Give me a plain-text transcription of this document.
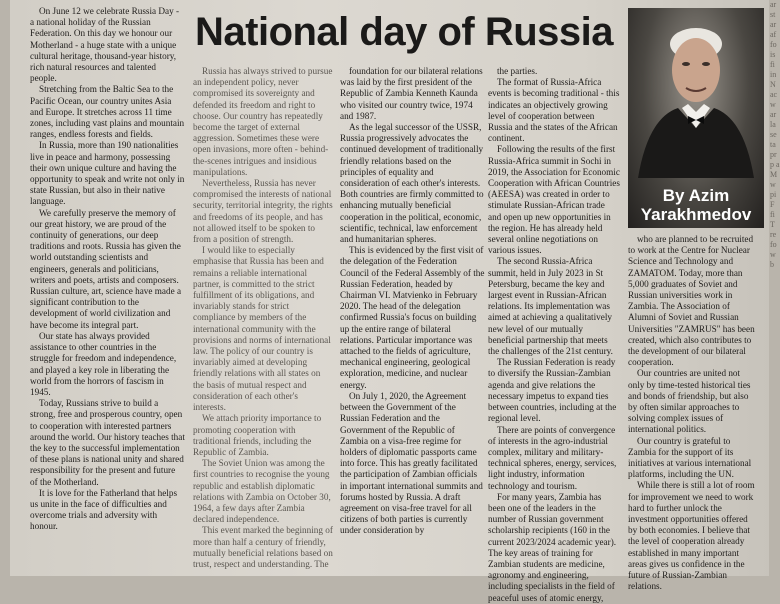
On June 12 we celebrate Russia Day - a national holiday of the Russian Federation. On this day we honour our Motherland - a huge state with a unique cultural heritage, thousand-year history, rich natural resources and talented people.

Stretching from the Baltic Sea to the Pacific Ocean, our country unites Asia and Europe. It stretches across 11 time zones, including vast plains and mountain ranges, endless forests and fields.

In Russia, more than 190 nationalities live in peace and harmony, possessing their own unique culture and having the opportunity to speak and write not only in state Russian, but also in their native language.

We carefully preserve the memory of our great history, we are proud of the continuity of generations, our deep traditions and roots. Russia has given the world outstanding scientists and engineers, generals and politicians, writers and poets, artists and composers. Russian culture, art, science have made a significant contribution to the development of world civilization and have become its integral part.

Our state has always provided assistance to other countries in the struggle for freedom and independence, and played a key role in liberating the world from the horrors of fascism in 1945.

Today, Russians strive to build a strong, free and prosperous country, open to cooperation with interested partners around the world. Our history teaches that the key to the successful implementation of these plans is national unity and shared responsibility for the present and future of the Motherland.

It is love for the Fatherland that helps us unite in the face of difficulties and overcome trials and adversity with honour.

National day of Russia

Russia has always strived to pursue an independent policy, never compromised its sovereignty and defended its freedom and right to choose. Our country has repeatedly become the target of external aggression. Sometimes these were open invasions, more often - behind-the-scenes intrigues and insidious manipulations.

Nevertheless, Russia has never compromised the interests of national security, territorial integrity, the rights and freedoms of its people, and has not allowed itself to be spoken to from a position of strength.

I would like to especially emphasise that Russia has been and remains a reliable international partner, is committed to the strict fulfillment of its obligations, and invariably stands for strict compliance by members of the international community with the provisions and norms of international law. The policy of our country is invariably aimed at developing friendly relations with all states on the basis of mutual respect and consideration of each other's interests.

We attach priority importance to promoting cooperation with traditional friends, including the Republic of Zambia.

The Soviet Union was among the first countries to recognise the young republic and establish diplomatic relations with Zambia on October 30, 1964, a few days after Zambia declared independence.

This event marked the beginning of more than half a century of friendly, mutually beneficial relations based on trust, respect and understanding. The

foundation for our bilateral relations was laid by the first president of the Republic of Zambia Kenneth Kaunda who visited our country twice, 1974 and 1987.

As the legal successor of the USSR, Russia progressively advocates the continued development of traditionally friendly relations based on the principles of equality and consideration of each other's interests. Both countries are firmly committed to enhancing mutually beneficial cooperation in the political, economic, scientific, technical, law enforcement and humanitarian spheres.

This is evidenced by the first visit of the delegation of the Federation Council of the Federal Assembly of the Russian Federation, headed by Chairman VI. Matvienko in February 2020. The head of the delegation confirmed Russia's focus on building up the entire range of bilateral relations. Particular importance was attached to the fields of agriculture, mechanical engineering, geological exploration, medicine, and nuclear energy.

On July 1, 2020, the Agreement between the Government of the Russian Federation and the Government of the Republic of Zambia on a visa-free regime for holders of diplomatic passports came into force. This has greatly facilitated the participation of Zambian officials in important international summits and forums hosted by Russia. A draft agreement on visa-free travel for all citizens of both parties is currently under consideration by

the parties.

The format of Russia-Africa events is becoming traditional - this indicates an objectively growing level of cooperation between Russia and the states of the African continent.

Following the results of the first Russia-Africa summit in Sochi in 2019, the Association for Economic Cooperation with African Countries (AEESA) was created in order to stimulate Russian-African trade and open up new opportunities in the region. He has already held several online negotiations on various issues.

The second Russia-Africa summit, held in July 2023 in St Petersburg, became the key and largest event in Russian-African relations. Its implementation was aimed at achieving a qualitatively new level of our mutually beneficial partnership that meets the challenges of the 21st century.

The Russian Federation is ready to diversify the Russian-Zambian agenda and give relations the necessary impetus to expand ties between countries, including at the regional level.

There are points of convergence of interests in the agro-industrial complex, military and military-technical spheres, energy, services, light industry, information technology and tourism.

For many years, Zambia has been one of the leaders in the number of Russian government scholarship recipients (160 in the current 2023/2024 academic year). The key areas of training for Zambian students are medicine, agronomy and engineering, including specialists in the field of peaceful uses of atomic energy,

By Azim
Yarakhmedov

who are planned to be recruited to work at the Centre for Nuclear Science and Technology and ZAMATOM. Today, more than 5,000 graduates of Soviet and Russian universities work in Zambia. The Association of Alumni of Soviet and Russian Universities "ZAMRUS" has been created, which also contributes to the development of our bilateral cooperation.

Our countries are united not only by time-tested historical ties and bonds of friendship, but also by often similar approaches to solving complex issues of international politics.

Our country is grateful to Zambia for the support of its initiatives at various international platforms, including the UN.

While there is still a lot of room for improvement we need to work hard to further unlock the investment opportunities offered by both economies. I believe that the level of cooperation already established in many important areas gives us confidence in the future of Russian-Zambian relations.

ar st ar af fo is fi in N ac w ar la se ta pr p a M w pi F fi T re fo w b
